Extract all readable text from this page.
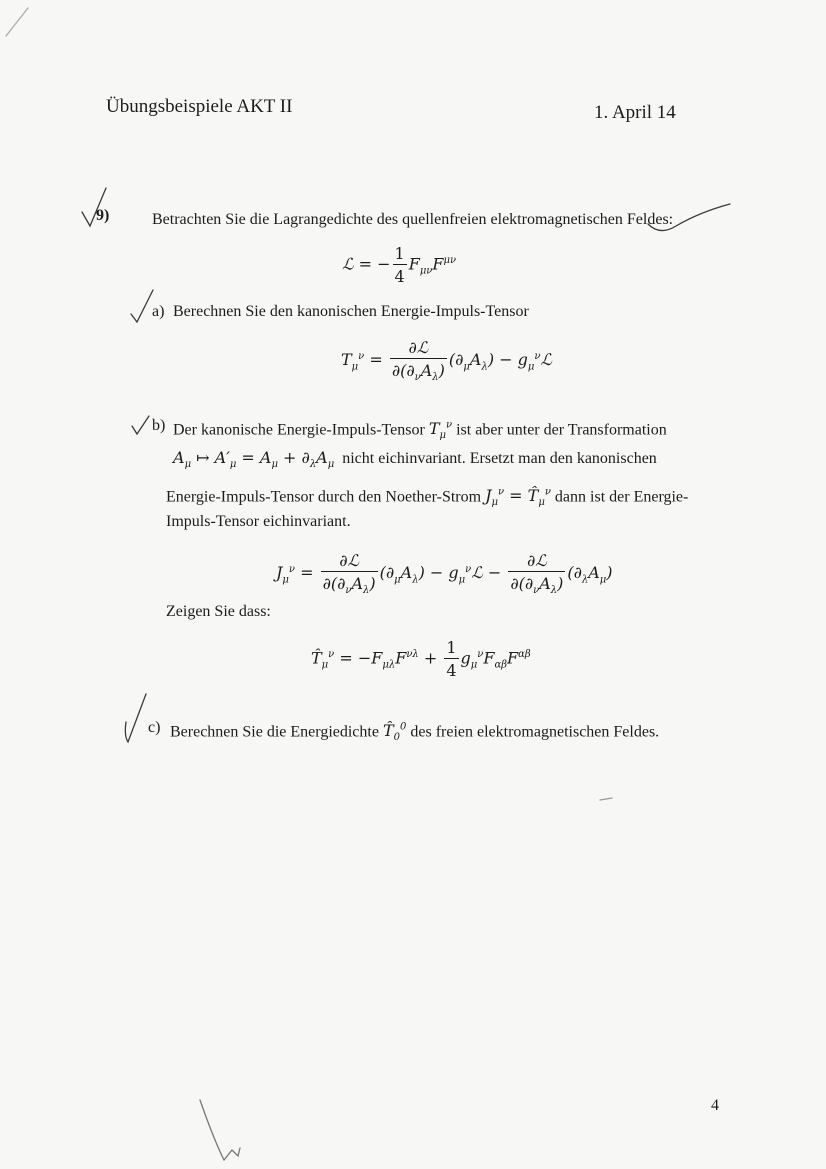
Übungsbeispiele AKT II	1. April 14
9)	Betrachten Sie die Lagrangedichte des quellenfreien elektromagnetischen Feldes:
ℒ = − $\frac{1}{4} F_{\mu\nu}F^{\mu\nu}$
a) Berechnen Sie den kanonischen Energie-Impuls-Tensor
$T_\mu^\nu = \frac{\text{∂ℒ}}{\partial(\partial_\nu A_\lambda)} (\partial_\mu A_\lambda)$ − $g_\mu^\nu ℒ$
b) Der kanonische Energie-Impuls-Tensor $T_\mu^\nu$ ist aber unter der Transformation
$A_\mu$ ↦ $A'_\mu = A_\mu + \partial_\lambda A_\mu$ nicht eichinvariant. Ersetzt man den kanonischen
Energie-Impuls-Tensor durch den Noether-Strom $J_\mu^\nu$ = $T̂_\mu^\nu$ dann ist der Energie-
Impuls-Tensor eichinvariant.
$J_\mu^\nu = \frac{\text{∂ℒ}}{\partial(\partial_\nu A_\lambda)} (\partial_\mu A_\lambda)$ − $g_\mu^\nu ℒ - \frac{\text{∂ℒ}}{\partial(\partial_\nu A_\lambda)} (\partial_\lambda A_\mu)$
Zeigen Sie dass:
$T̂_\mu^\nu = -F_{\mu\lambda}F^{\nu\lambda} + \frac{1}{4} g_\mu^\nu F_{\alpha\beta}F^{\alpha\beta}$
c) Berechnen Sie die Energiedichte $T̂_0^0$ des freien elektromagnetischen Feldes.
4
